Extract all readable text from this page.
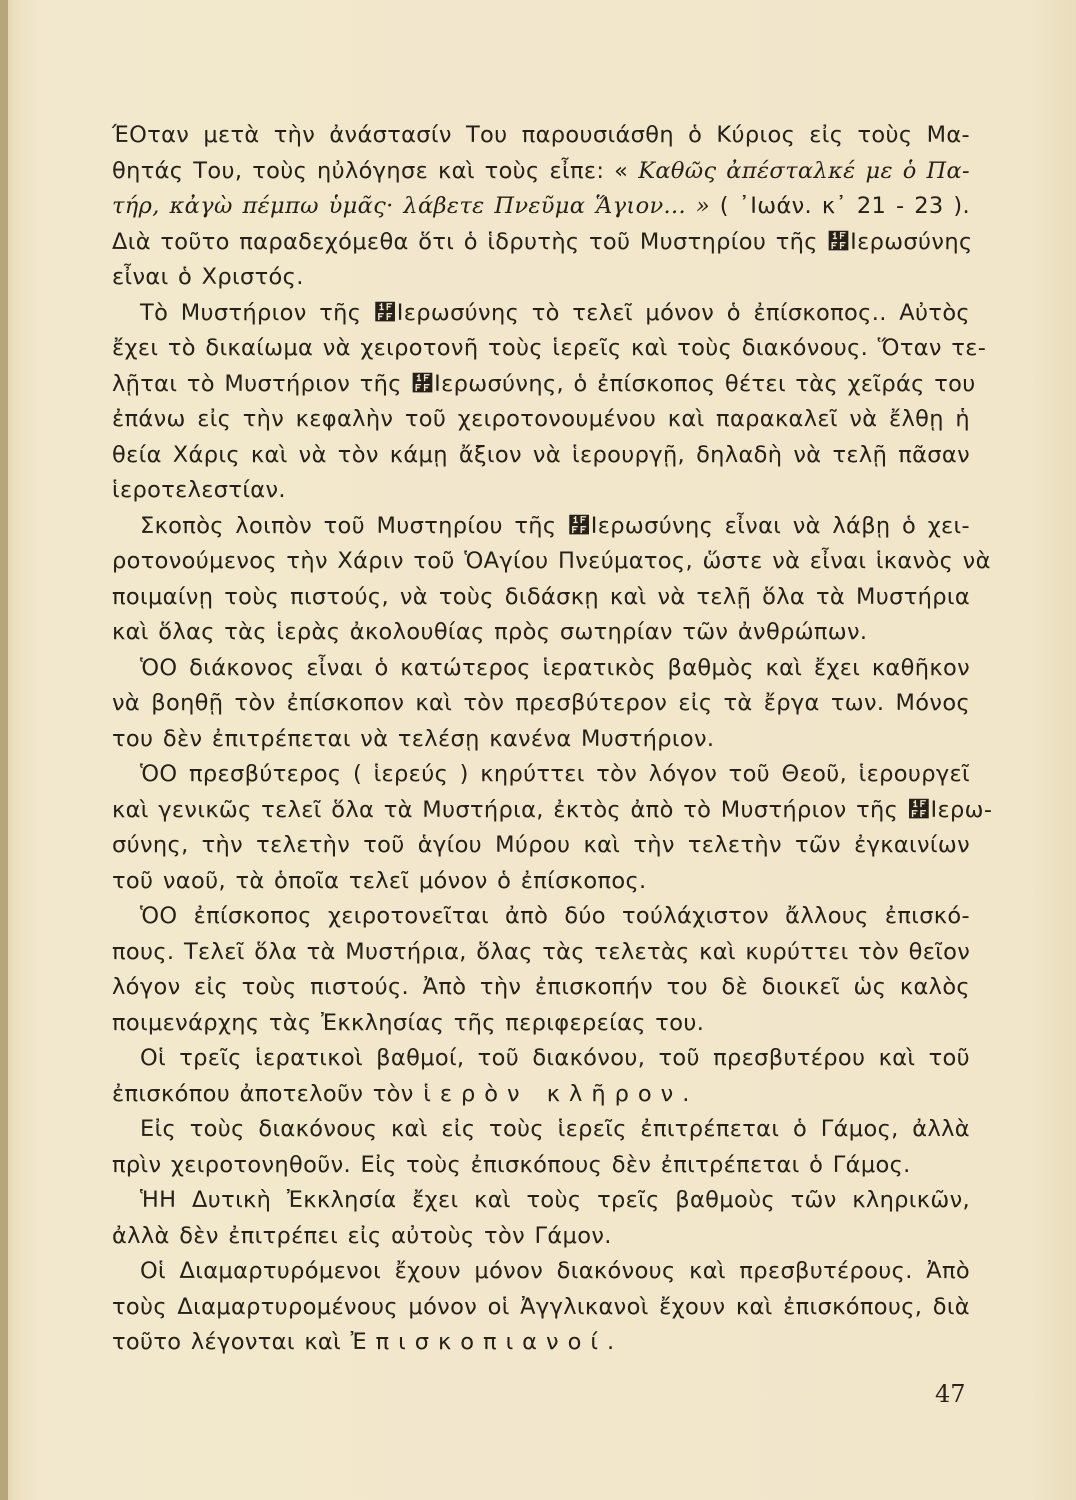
ΈΟταν μετὰ τὴν ἀνάστασίν Του παρουσιάσθη ὁ Κύριος εἰς τοὺς Μα-
θητάς Του, τοὺς ηὐλόγησε καὶ τοὺς εἶπε: « Καθῶς ἀπέσταλκέ με ὁ Πα-
τήρ, κἀγὼ πέμπω ὑμᾶς· λάβετε Πνεῦμα Ἅγιον... » ( ᾿Ιωάν. κ᾿ 21 - 23 ).
Διὰ τοῦτο παραδεχόμεθα ὅτι ὁ ἱδρυτὴς τοῦ Μυστηρίου τῆς ῿Ιερωσύνης
εἶναι ὁ Χριστός.
Τὸ Μυστήριον τῆς ῿Ιερωσύνης τὸ τελεῖ μόνον ὁ ἐπίσκοπος.. Αὐτὸς
ἔχει τὸ δικαίωμα νὰ χειροτονῆ τοὺς ἱερεῖς καὶ τοὺς διακόνους. Ὅταν τε-
λῇται τὸ Μυστήριον τῆς ῿Ιερωσύνης, ὁ ἐπίσκοπος θέτει τὰς χεῖράς του
ἐπάνω εἰς τὴν κεφαλὴν τοῦ χειροτονουμένου καὶ παρακαλεῖ νὰ ἔλθῃ ἡ
θεία Χάρις καὶ νὰ τὸν κάμῃ ἄξιον νὰ ἱερουργῇ, δηλαδὴ νὰ τελῇ πᾶσαν
ἱεροτελεστίαν.
Σκοπὸς λοιπὸν τοῦ Μυστηρίου τῆς ῿Ιερωσύνης εἶναι νὰ λάβῃ ὁ χει-
ροτονούμενος τὴν Χάριν τοῦ ὉΑγίου Πνεύματος, ὥστε νὰ εἶναι ἱκανὸς νὰ
ποιμαίνῃ τοὺς πιστούς, νὰ τοὺς διδάσκῃ καὶ νὰ τελῇ ὅλα τὰ Μυστήρια
καὶ ὅλας τὰς ἱερὰς ἀκολουθίας πρὸς σωτηρίαν τῶν ἀνθρώπων.
ὉΟ διάκονος εἶναι ὁ κατώτερος ἱερατικὸς βαθμὸς καὶ ἔχει καθῆκον
νὰ βοηθῇ τὸν ἐπίσκοπον καὶ τὸν πρεσβύτερον εἰς τὰ ἔργα των. Μόνος
του δὲν ἐπιτρέπεται νὰ τελέσῃ κανένα Μυστήριον.
ὉΟ πρεσβύτερος ( ἱερεύς ) κηρύττει τὸν λόγον τοῦ Θεοῦ, ἱερουργεῖ
καὶ γενικῶς τελεῖ ὅλα τὰ Μυστήρια, ἐκτὸς ἀπὸ τὸ Μυστήριον τῆς ῿Ιερω-
σύνης, τὴν τελετὴν τοῦ ἁγίου Μύρου καὶ τὴν τελετὴν τῶν ἐγκαινίων
τοῦ ναοῦ, τὰ ὁποῖα τελεῖ μόνον ὁ ἐπίσκοπος.
ὉΟ ἐπίσκοπος χειροτονεῖται ἀπὸ δύο τούλάχιστον ἄλλους ἐπισκό-
πους. Τελεῖ ὅλα τὰ Μυστήρια, ὅλας τὰς τελετὰς καὶ κυρύττει τὸν θεῖον
λόγον εἰς τοὺς πιστούς. Ἀπὸ τὴν ἐπισκοπήν του δὲ διοικεῖ ὡς καλὸς
ποιμενάρχης τὰς Ἐκκλησίας τῆς περιφερείας του.
Οἱ τρεῖς ἱερατικοὶ βαθμοί, τοῦ διακόνου, τοῦ πρεσβυτέρου καὶ τοῦ
ἐπισκόπου ἀποτελοῦν τὸν ἱερὸν κλῆρον.
Εἰς τοὺς διακόνους καὶ εἰς τοὺς ἱερεῖς ἐπιτρέπεται ὁ Γάμος, ἀλλὰ
πρὶν χειροτονηθοῦν. Εἰς τοὺς ἐπισκόπους δὲν ἐπιτρέπεται ὁ Γάμος.
ἩΗ Δυτικὴ Ἐκκλησία ἔχει καὶ τοὺς τρεῖς βαθμοὺς τῶν κληρικῶν,
ἀλλὰ δὲν ἐπιτρέπει εἰς αὐτοὺς τὸν Γάμον.
Οἱ Διαμαρτυρόμενοι ἔχουν μόνον διακόνους καὶ πρεσβυτέρους. Ἀπὸ
τοὺς Διαμαρτυρομένους μόνον οἱ Ἀγγλικανοὶ ἔχουν καὶ ἐπισκόπους, διὰ
τοῦτο λέγονται καὶ Ἐπισκοπιανοί.
47
